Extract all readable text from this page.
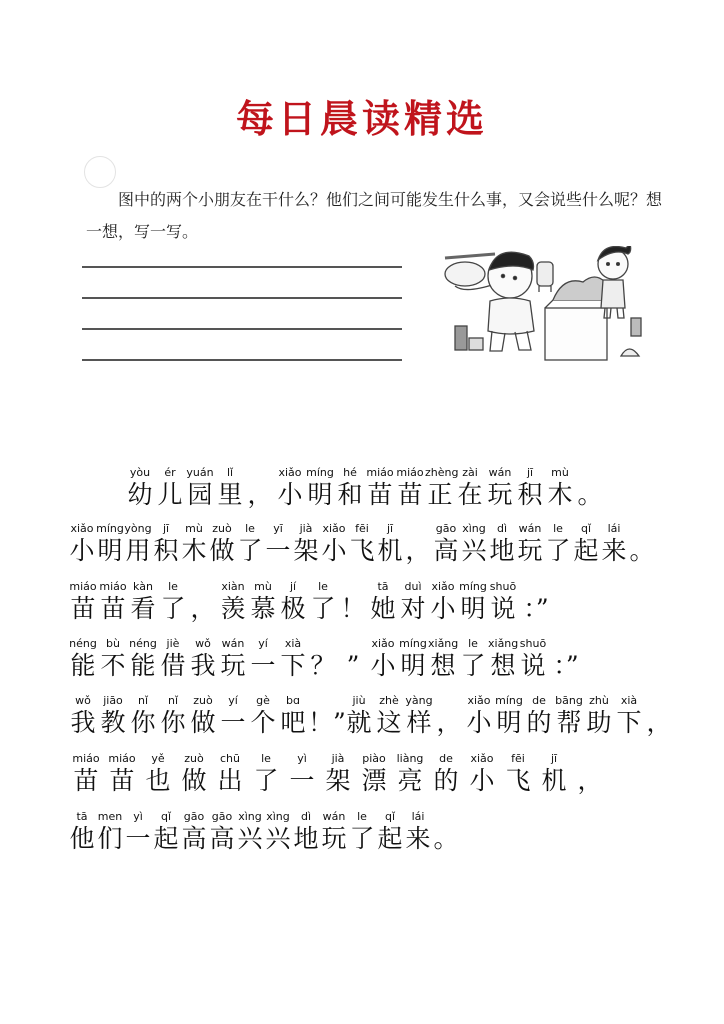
每日晨读精选
图中的两个小朋友在干什么？他们之间可能发生什么事，又会说些什么呢？想一想，写一写。
yòu
幼
ér
儿
yuán
园
lǐ
里 ，
xiǎo
小
míng
明
hé
和
miáo
苗
miáo
苗
zhèng
正
zài
在
wán
玩
jī
积
mù
木 。
xiǎo
小
míng
明
yòng
用
jī
积
mù
木
zuò
做
le
了
yī
一
jià
架
xiǎo
小
fēi
飞
jī
机 ，
gāo
高
xìng
兴
dì
地
wán
玩
le
了
qǐ
起
lái
来 。
miáo
苗
miáo
苗
kàn
看
le
了 ，
xiàn
羡
mù
慕
jí
极
le
了 ！
tā
她
duì
对
xiǎo
小
míng
明
shuō
说 ：”
néng
能
bù
不
néng
能
jiè
借
wǒ
我
wán
玩
yí
一
xià
下 ？ ”
xiǎo
小
míng
明
xiǎng
想
le
了
xiǎng
想
shuō
说 ：”
wǒ
我
jiāo
教
nǐ
你
nǐ
你
zuò
做
yí
一
gè
个
bɑ
吧 ！”
jiù
就
zhè
这
yàng
样 ，
xiǎo
小
míng
明
de
的
bāng
帮
zhù
助
xià
下 ，
miáo
苗
miáo
苗
yě
也
zuò
做
chū
出
le
了
yì
一
jià
架
piào
漂
liàng
亮
de
的
xiǎo
小
fēi
飞
jī
机 ，
tā
他
men
们
yì
一
qǐ
起
gāo
高
gāo
高
xìng
兴
xìng
兴
dì
地
wán
玩
le
了
qǐ
起
lái
来 。
